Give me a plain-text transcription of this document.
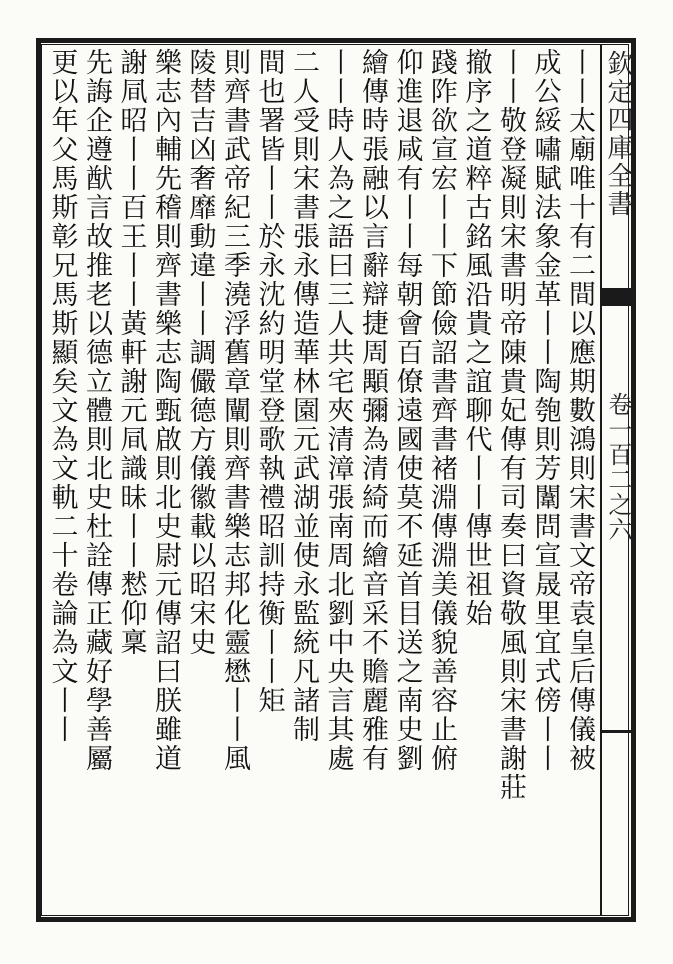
欽定四庫全書
卷一百二之六
丨丨太廟唯十有二間以應期數鴻則宋書文帝袁皇后傳儀被
成公綏嘯賦法象金革丨丨陶匏則芳闈問宣晟里宜式傍丨丨
丨丨敬登凝則宋書明帝陳貴妃傳有司奏曰資敬風則宋書謝莊
撤序之道粹古銘風沿貴之誼聊代丨丨傳世祖始
踐阼欲宣宏丨丨下節儉詔書齊書褚淵傳淵美儀貌善容止俯
仰進退咸有丨丨每朝會百僚遠國使莫不延首目送之南史劉
繪傳時張融以言辭辯捷周顒彌為清綺而繪音采不贍麗雅有
丨丨時人為之語曰三人共宅夾清漳張南周北劉中央言其處
二人受則宋書張永傳造華林園元武湖並使永監統凡諸制
間也署皆丨丨於永沈約明堂登歌執禮昭訓持衡丨丨矩
則齊書武帝紀三季澆浮舊章闡則齊書樂志邦化靈懋丨丨風
陵替吉凶奢靡動違丨丨調儼德方儀徽載以昭宋史
樂志內輔先稽則齊書樂志陶甄啟則北史尉元傳詔曰朕雖道
謝凬昭丨丨百王丨丨黃軒謝元凬識昧丨丨慭仰稟
先誨企遵猷言故推老以德立體則北史杜詮傳正藏好學善屬
更以年父馬斯彰兄馬斯顯矣文為文軌二十卷論為文丨丨
